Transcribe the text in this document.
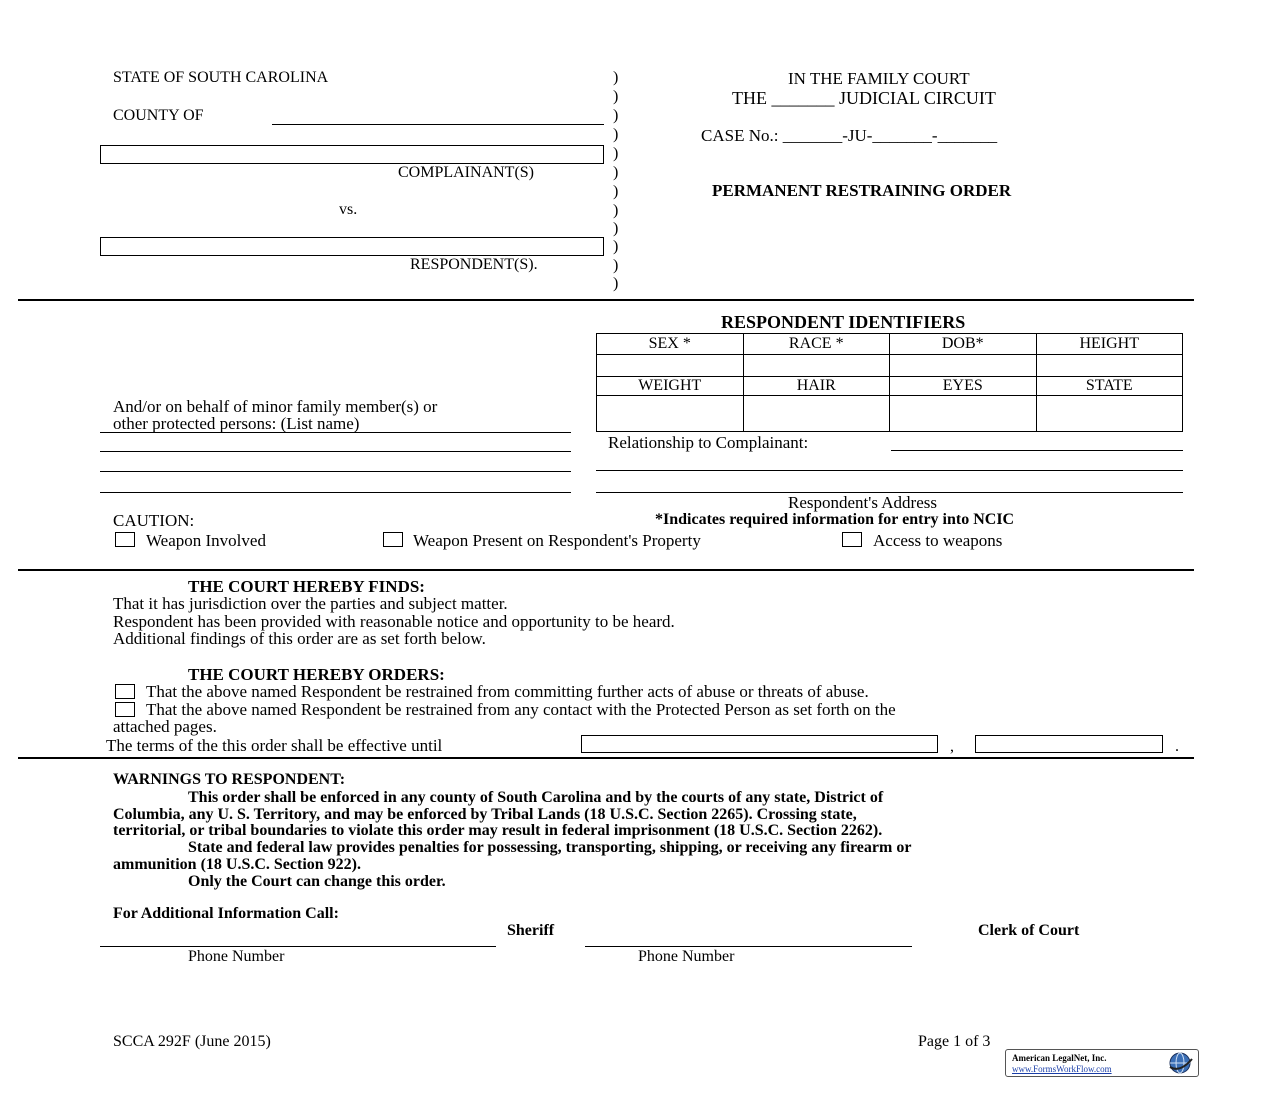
STATE OF SOUTH CAROLINA
COUNTY OF
COMPLAINANT(S)
vs.
RESPONDENT(S).
)
)
)
)
)
)
)
)
)
)
)
)
IN THE FAMILY COURT
THE _______ JUDICIAL CIRCUIT
CASE No.: _______-JU-_______-_______
PERMANENT RESTRAINING ORDER
RESPONDENT IDENTIFIERS
SEX *	RACE *	DOB*	HEIGHT

WEIGHT	HAIR	EYES	STATE

And/or on behalf of minor family member(s) or
other protected persons: (List name)
Relationship to Complainant:
Respondent's Address
*Indicates required information for entry into NCIC
CAUTION:
Weapon Involved	Weapon Present on Respondent's Property	Access to weapons
THE COURT HEREBY FINDS:
That it has jurisdiction over the parties and subject matter.
Respondent has been provided with reasonable notice and opportunity to be heard.
Additional findings of this order are as set forth below.
THE COURT HEREBY ORDERS:
That the above named Respondent be restrained from committing further acts of abuse or threats of abuse.
That the above named Respondent be restrained from any contact with the Protected Person as set forth on the
attached pages.
The terms of the this order shall be effective until	,	.
WARNINGS TO RESPONDENT:
This order shall be enforced in any county of South Carolina and by the courts of any state, District of
Columbia, any U. S. Territory, and may be enforced by Tribal Lands (18 U.S.C. Section 2265). Crossing state,
territorial, or tribal boundaries to violate this order may result in federal imprisonment (18 U.S.C. Section 2262).
State and federal law provides penalties for possessing, transporting, shipping, or receiving any firearm or
ammunition (18 U.S.C. Section 922).
Only the Court can change this order.
For Additional Information Call:
Sheriff	Clerk of Court
Phone Number	Phone Number
SCCA 292F (June 2015)	Page 1 of 3
American LegalNet, Inc.
www.FormsWorkFlow.com
